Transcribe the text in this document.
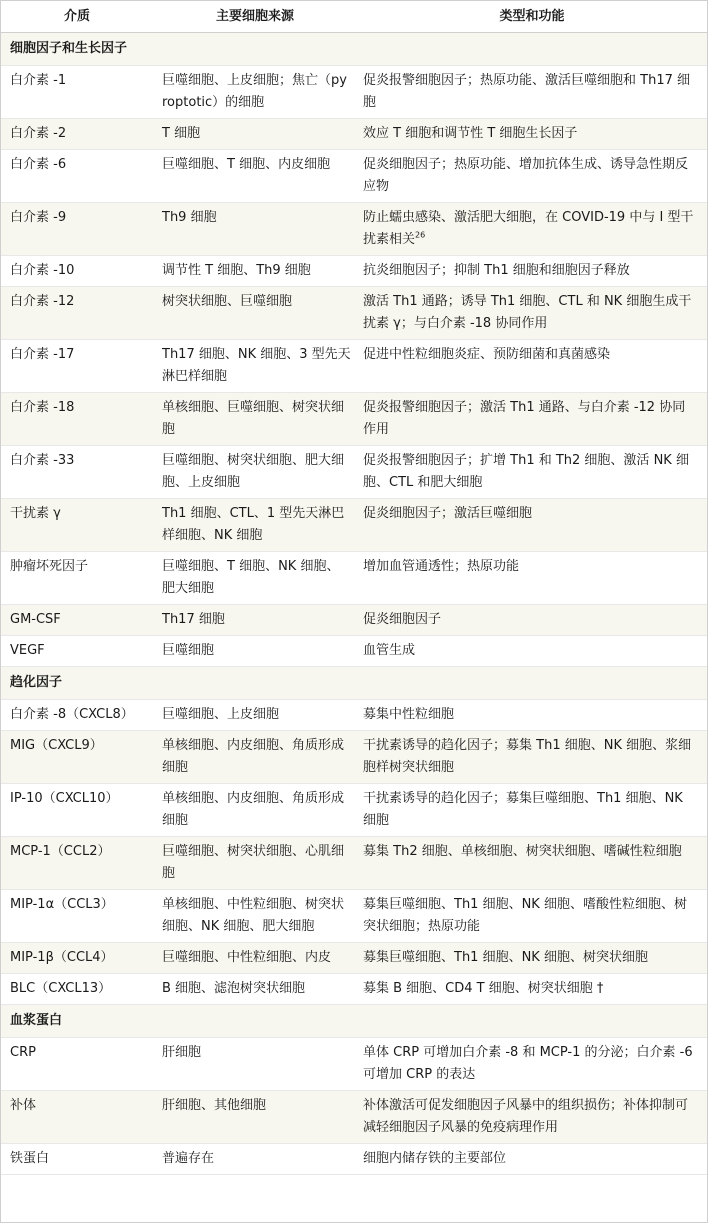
介质	主要细胞来源	类型和功能
细胞因子和生长因子		
白介素 -1	巨噬细胞、上皮细胞；焦亡（pyroptotic）的细胞	促炎报警细胞因子；热原功能、激活巨噬细胞和 Th17 细胞
白介素 -2	T 细胞	效应 T 细胞和调节性 T 细胞生长因子
白介素 -6	巨噬细胞、T 细胞、内皮细胞	促炎细胞因子；热原功能、增加抗体生成、诱导急性期反应物
白介素 -9	Th9 细胞	防止蠕虫感染、激活肥大细胞，在 COVID-19 中与 I 型干扰素相关$^{26}$
白介素 -10	调节性 T 细胞、Th9 细胞	抗炎细胞因子；抑制 Th1 细胞和细胞因子释放
白介素 -12	树突状细胞、巨噬细胞	激活 Th1 通路；诱导 Th1 细胞、CTL 和 NK 细胞生成干扰素 γ；与白介素 -18 协同作用
白介素 -17	Th17 细胞、NK 细胞、3 型先天淋巴样细胞	促进中性粒细胞炎症、预防细菌和真菌感染
白介素 -18	单核细胞、巨噬细胞、树突状细胞	促炎报警细胞因子；激活 Th1 通路、与白介素 -12 协同作用
白介素 -33	巨噬细胞、树突状细胞、肥大细胞、上皮细胞	促炎报警细胞因子；扩增 Th1 和 Th2 细胞、激活 NK 细胞、CTL 和肥大细胞
干扰素 γ	Th1 细胞、CTL、1 型先天淋巴样细胞、NK 细胞	促炎细胞因子；激活巨噬细胞
肿瘤坏死因子	巨噬细胞、T 细胞、NK 细胞、肥大细胞	增加血管通透性；热原功能
GM-CSF	Th17 细胞	促炎细胞因子
VEGF	巨噬细胞	血管生成
趋化因子		
白介素 -8（CXCL8）	巨噬细胞、上皮细胞	募集中性粒细胞
MIG（CXCL9）	单核细胞、内皮细胞、角质形成细胞	干扰素诱导的趋化因子；募集 Th1 细胞、NK 细胞、浆细胞样树突状细胞
IP-10（CXCL10）	单核细胞、内皮细胞、角质形成细胞	干扰素诱导的趋化因子；募集巨噬细胞、Th1 细胞、NK 细胞
MCP-1（CCL2）	巨噬细胞、树突状细胞、心肌细胞	募集 Th2 细胞、单核细胞、树突状细胞、嗜碱性粒细胞
MIP-1α（CCL3）	单核细胞、中性粒细胞、树突状细胞、NK 细胞、肥大细胞	募集巨噬细胞、Th1 细胞、NK 细胞、嗜酸性粒细胞、树突状细胞；热原功能
MIP-1β（CCL4）	巨噬细胞、中性粒细胞、内皮	募集巨噬细胞、Th1 细胞、NK 细胞、树突状细胞
BLC（CXCL13）	B 细胞、滤泡树突状细胞	募集 B 细胞、CD4 T 细胞、树突状细胞 †
血浆蛋白		
CRP	肝细胞	单体 CRP 可增加白介素 -8 和 MCP-1 的分泌；白介素 -6 可增加 CRP 的表达
补体	肝细胞、其他细胞	补体激活可促发细胞因子风暴中的组织损伤；补体抑制可减轻细胞因子风暴的免疫病理作用
铁蛋白	普遍存在	细胞内储存铁的主要部位
